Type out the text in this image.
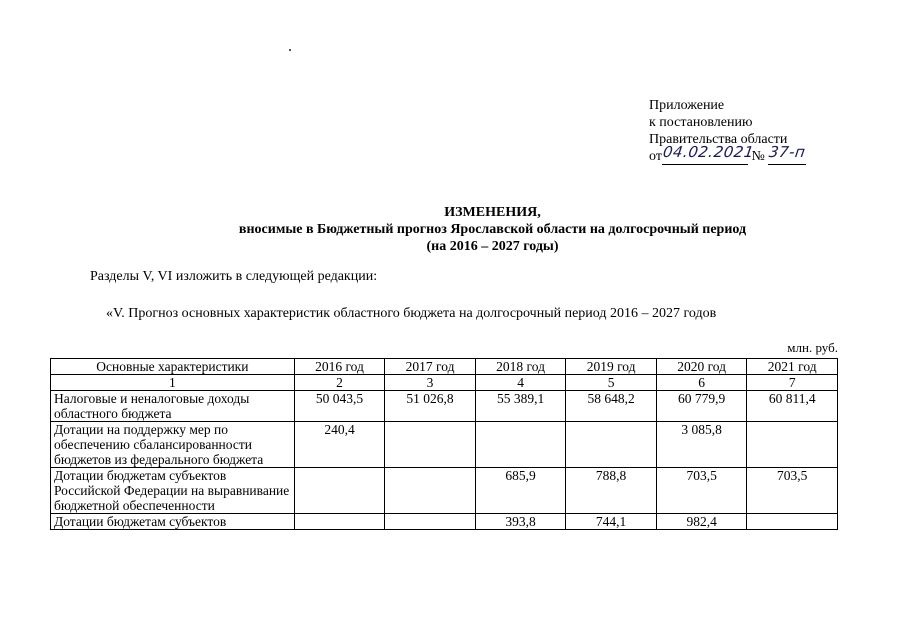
Приложение
к постановлению
Правительства области
от 04.02.2021
№ 37-п
ИЗМЕНЕНИЯ,
вносимые в Бюджетный прогноз Ярославской области на долгосрочный период
(на 2016 – 2027 годы)
Разделы V, VI изложить в следующей редакции:
«V. Прогноз основных характеристик областного бюджета на долгосрочный период 2016 – 2027 годов
млн. руб.
Основные характеристики	2016 год	2017 год	2018 год	2019 год	2020 год	2021 год
1	2	3	4	5	6	7
Налоговые и неналоговые доходы областного бюджета	50 043,5	51 026,8	55 389,1	58 648,2	60 779,9	60 811,4
Дотации на поддержку мер по обеспечению сбалансированности бюджетов из федерального бюджета	240,4				3 085,8	
Дотации бюджетам субъектов Российской Федерации на выравнивание бюджетной обеспеченности			685,9	788,8	703,5	703,5
Дотации бюджетам субъектов			393,8	744,1	982,4	
